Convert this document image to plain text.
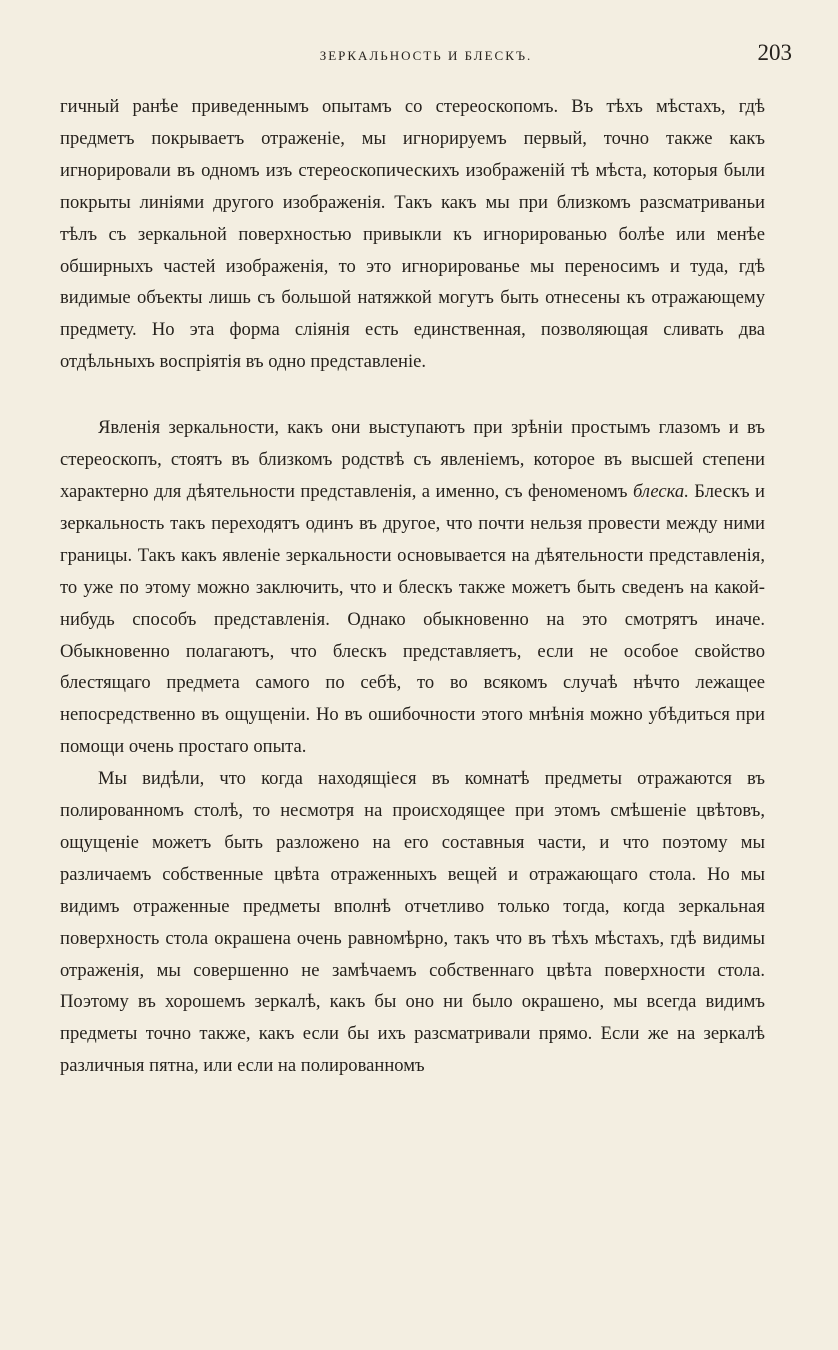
ЗЕРКАЛЬНОСТЬ И БЛЕСКЪ.	203

гичный ранѣе приведеннымъ опытамъ со стереоскопомъ. Въ тѣхъ мѣстахъ, гдѣ предметъ покрываетъ отраженіе, мы игнорируемъ первый, точно также какъ игнорировали въ одномъ изъ стереоскопическихъ изображеній тѣ мѣста, которыя были покрыты линіями другого изображенія. Такъ какъ мы при близкомъ разсматриваньи тѣлъ съ зеркальной поверхностью привыкли къ игнорированью болѣе или менѣе обширныхъ частей изображенія, то это игнорированье мы переносимъ и туда, гдѣ видимые объекты лишь съ большой натяжкой могутъ быть отнесены къ отражающему предмету. Но эта форма сліянія есть единственная, позволяющая сливать два отдѣльныхъ воспріятія въ одно представленіе.

Явленія зеркальности, какъ они выступаютъ при зрѣніи простымъ глазомъ и въ стереоскопъ, стоятъ въ близкомъ родствѣ съ явленіемъ, которое въ высшей степени характерно для дѣятельности представленія, а именно, съ феноменомъ блеска. Блескъ и зеркальность такъ переходятъ одинъ въ другое, что почти нельзя провести между ними границы. Такъ какъ явленіе зеркальности основывается на дѣятельности представленія, то уже по этому можно заключить, что и блескъ также можетъ быть сведенъ на какой-нибудь способъ представленія. Однако обыкновенно на это смотрятъ иначе. Обыкновенно полагаютъ, что блескъ представляетъ, если не особое свойство блестящаго предмета самого по себѣ, то во всякомъ случаѣ нѣчто лежащее непосредственно въ ощущеніи. Но въ ошибочности этого мнѣнія можно убѣдиться при помощи очень простаго опыта.

Мы видѣли, что когда находящіеся въ комнатѣ предметы отражаются въ полированномъ столѣ, то несмотря на происходящее при этомъ смѣшеніе цвѣтовъ, ощущеніе можетъ быть разложено на его составныя части, и что поэтому мы различаемъ собственные цвѣта отраженныхъ вещей и отражающаго стола. Но мы видимъ отраженные предметы вполнѣ отчетливо только тогда, когда зеркальная поверхность стола окрашена очень равномѣрно, такъ что въ тѣхъ мѣстахъ, гдѣ видимы отраженія, мы совершенно не замѣчаемъ собственнаго цвѣта поверхности стола. Поэтому въ хорошемъ зеркалѣ, какъ бы оно ни было окрашено, мы всегда видимъ предметы точно также, какъ если бы ихъ разсматривали прямо. Если же на зеркалѣ различныя пятна, или если на полированномъ
